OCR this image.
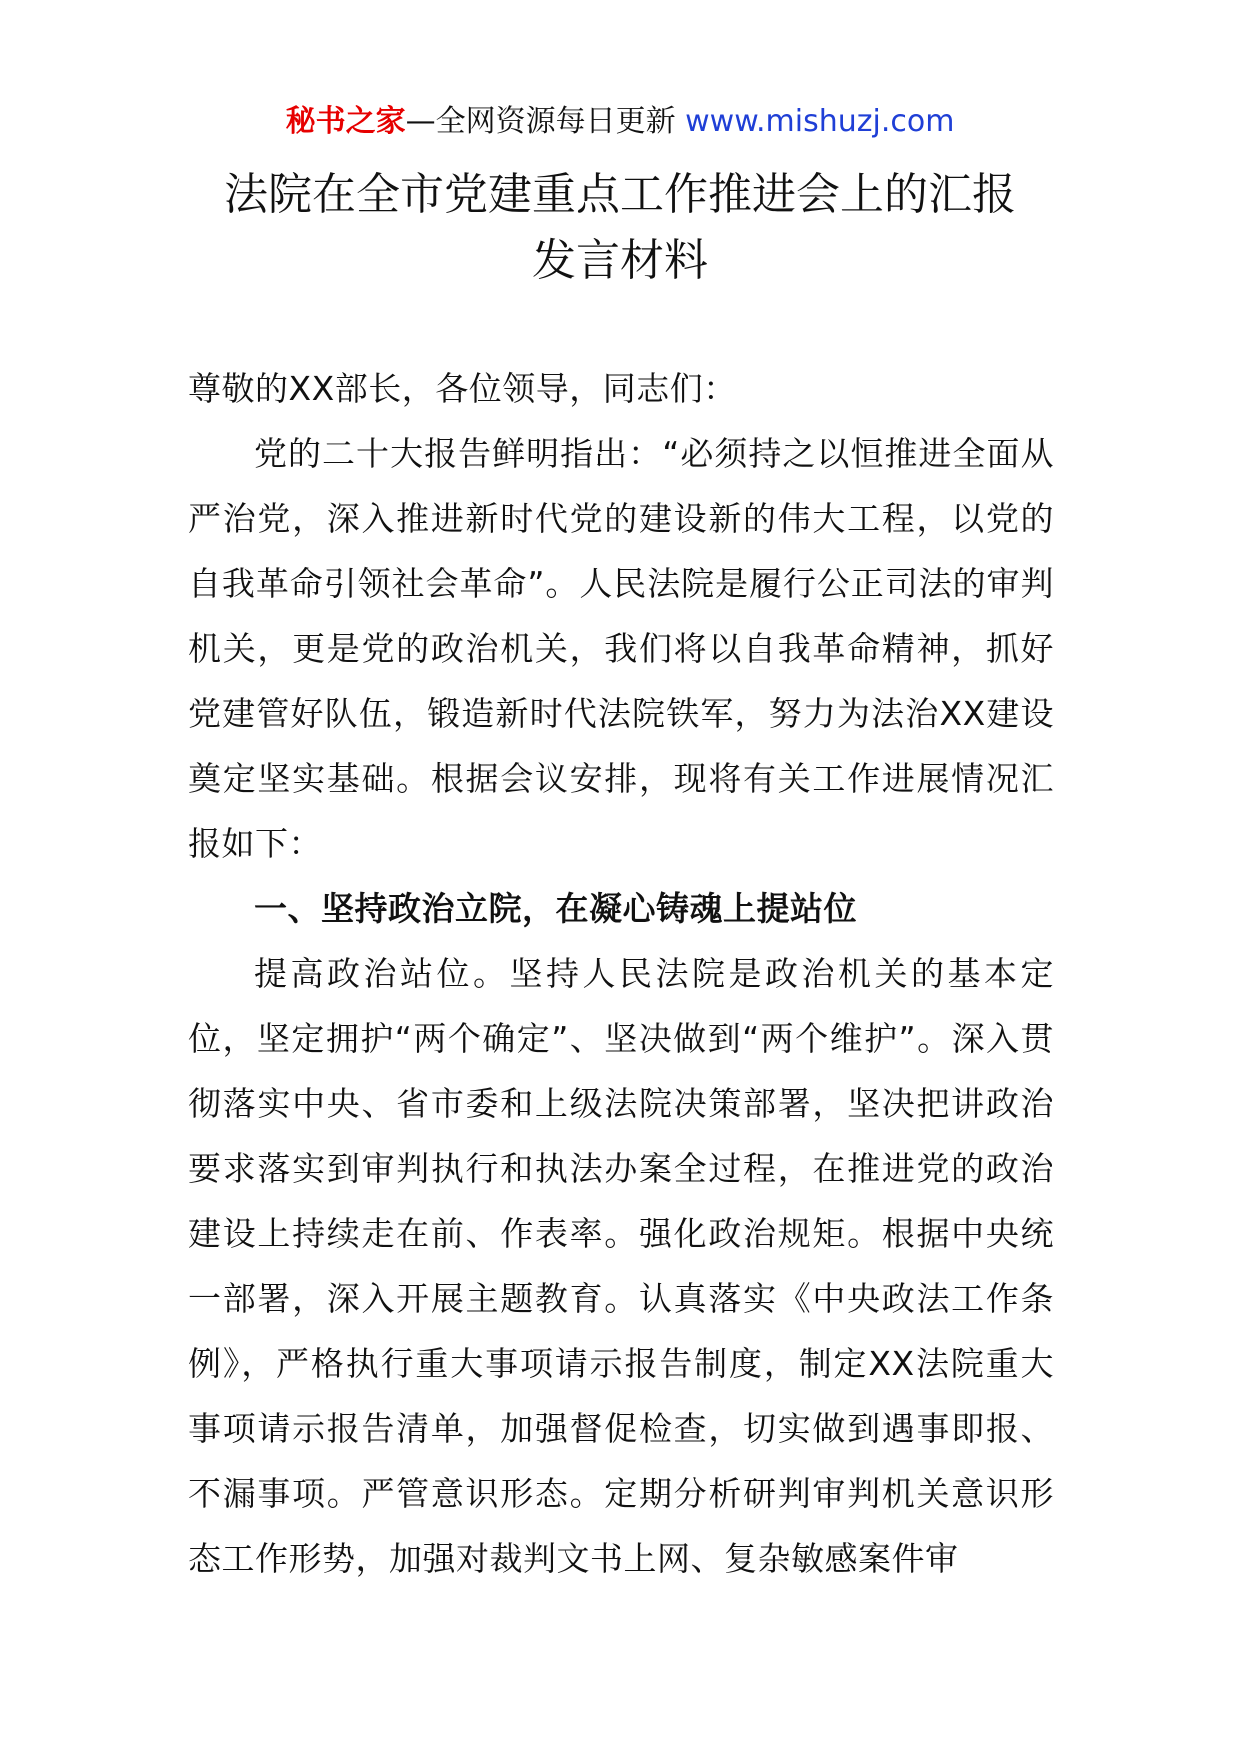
秘书之家—全网资源每日更新 www.mishuzj.com
法院在全市党建重点工作推进会上的汇报
发言材料

尊敬的XX部长，各位领导，同志们：

党的二十大报告鲜明指出：“必须持之以恒推进全面从严治党，深入推进新时代党的建设新的伟大工程，以党的自我革命引领社会革命”。人民法院是履行公正司法的审判机关，更是党的政治机关，我们将以自我革命精神，抓好党建管好队伍，锻造新时代法院铁军，努力为法治XX建设奠定坚实基础。根据会议安排，现将有关工作进展情况汇报如下：

一、坚持政治立院，在凝心铸魂上提站位

提高政治站位。坚持人民法院是政治机关的基本定位，坚定拥护“两个确定”、坚决做到“两个维护”。深入贯彻落实中央、省市委和上级法院决策部署，坚决把讲政治要求落实到审判执行和执法办案全过程，在推进党的政治建设上持续走在前、作表率。强化政治规矩。根据中央统一部署，深入开展主题教育。认真落实《中央政法工作条例》，严格执行重大事项请示报告制度，制定XX法院重大事项请示报告清单，加强督促检查，切实做到遇事即报、不漏事项。严管意识形态。定期分析研判审判机关意识形态工作形势，加强对裁判文书上网、复杂敏感案件审
